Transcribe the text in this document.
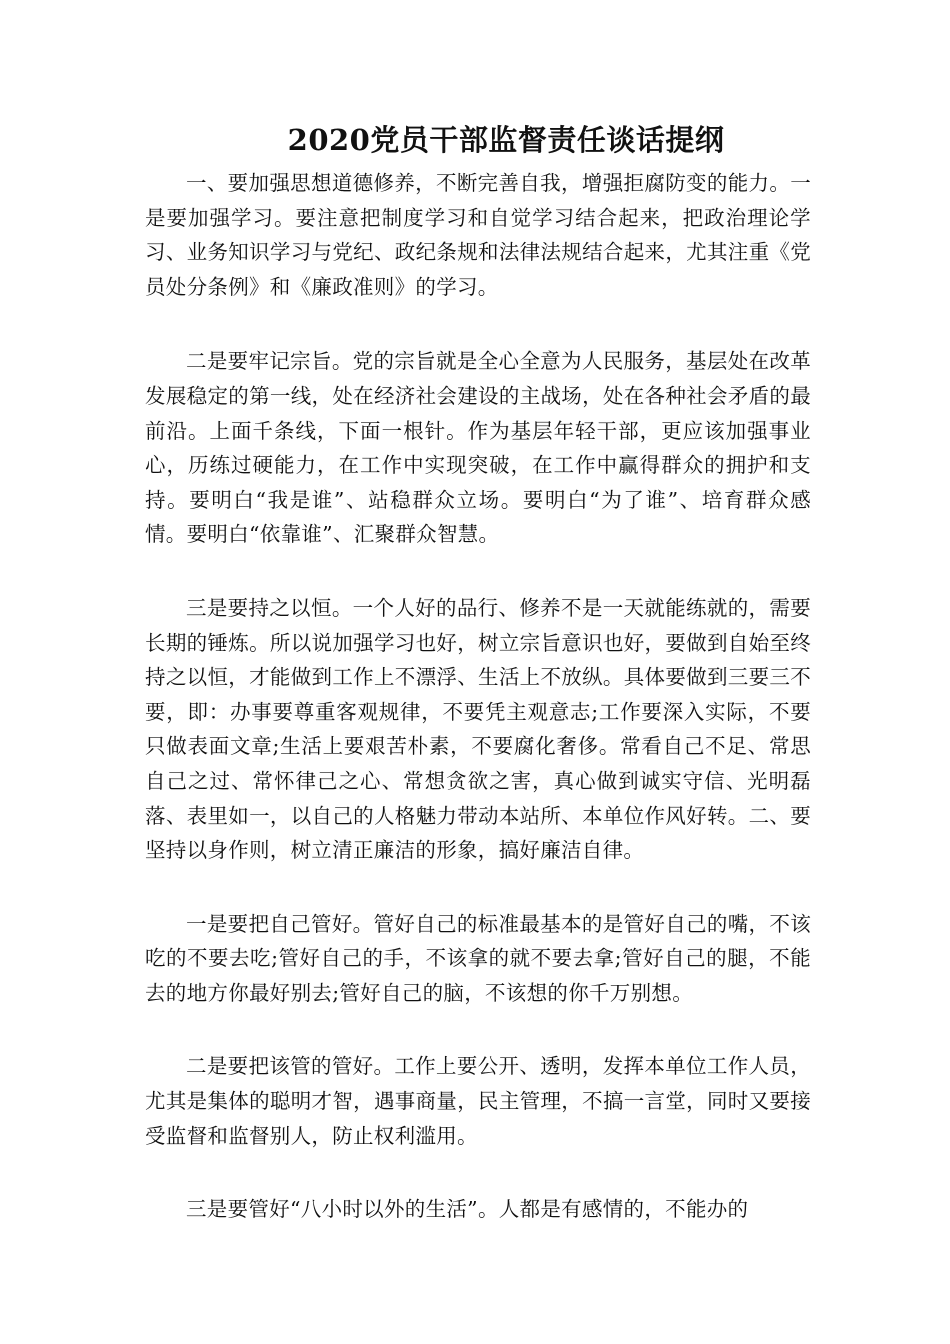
2020党员干部监督责任谈话提纲

一、要加强思想道德修养，不断完善自我，增强拒腐防变的能力。一是要加强学习。要注意把制度学习和自觉学习结合起来，把政治理论学习、业务知识学习与党纪、政纪条规和法律法规结合起来，尤其注重《党员处分条例》和《廉政准则》的学习。

二是要牢记宗旨。党的宗旨就是全心全意为人民服务，基层处在改革发展稳定的第一线，处在经济社会建设的主战场，处在各种社会矛盾的最前沿。上面千条线，下面一根针。作为基层年轻干部，更应该加强事业心，历练过硬能力，在工作中实现突破，在工作中赢得群众的拥护和支持。要明白“我是谁”、站稳群众立场。要明白“为了谁”、培育群众感情。要明白“依靠谁”、汇聚群众智慧。

三是要持之以恒。一个人好的品行、修养不是一天就能练就的，需要长期的锤炼。所以说加强学习也好，树立宗旨意识也好，要做到自始至终持之以恒，才能做到工作上不漂浮、生活上不放纵。具体要做到三要三不要，即：办事要尊重客观规律，不要凭主观意志;工作要深入实际，不要只做表面文章;生活上要艰苦朴素，不要腐化奢侈。常看自己不足、常思自己之过、常怀律己之心、常想贪欲之害，真心做到诚实守信、光明磊落、表里如一，以自己的人格魅力带动本站所、本单位作风好转。二、要坚持以身作则，树立清正廉洁的形象，搞好廉洁自律。

一是要把自己管好。管好自己的标准最基本的是管好自己的嘴，不该吃的不要去吃;管好自己的手，不该拿的就不要去拿;管好自己的腿，不能去的地方你最好别去;管好自己的脑，不该想的你千万别想。

二是要把该管的管好。工作上要公开、透明，发挥本单位工作人员，尤其是集体的聪明才智，遇事商量，民主管理，不搞一言堂，同时又要接受监督和监督别人，防止权利滥用。

三是要管好“八小时以外的生活”。人都是有感情的，不能办的
